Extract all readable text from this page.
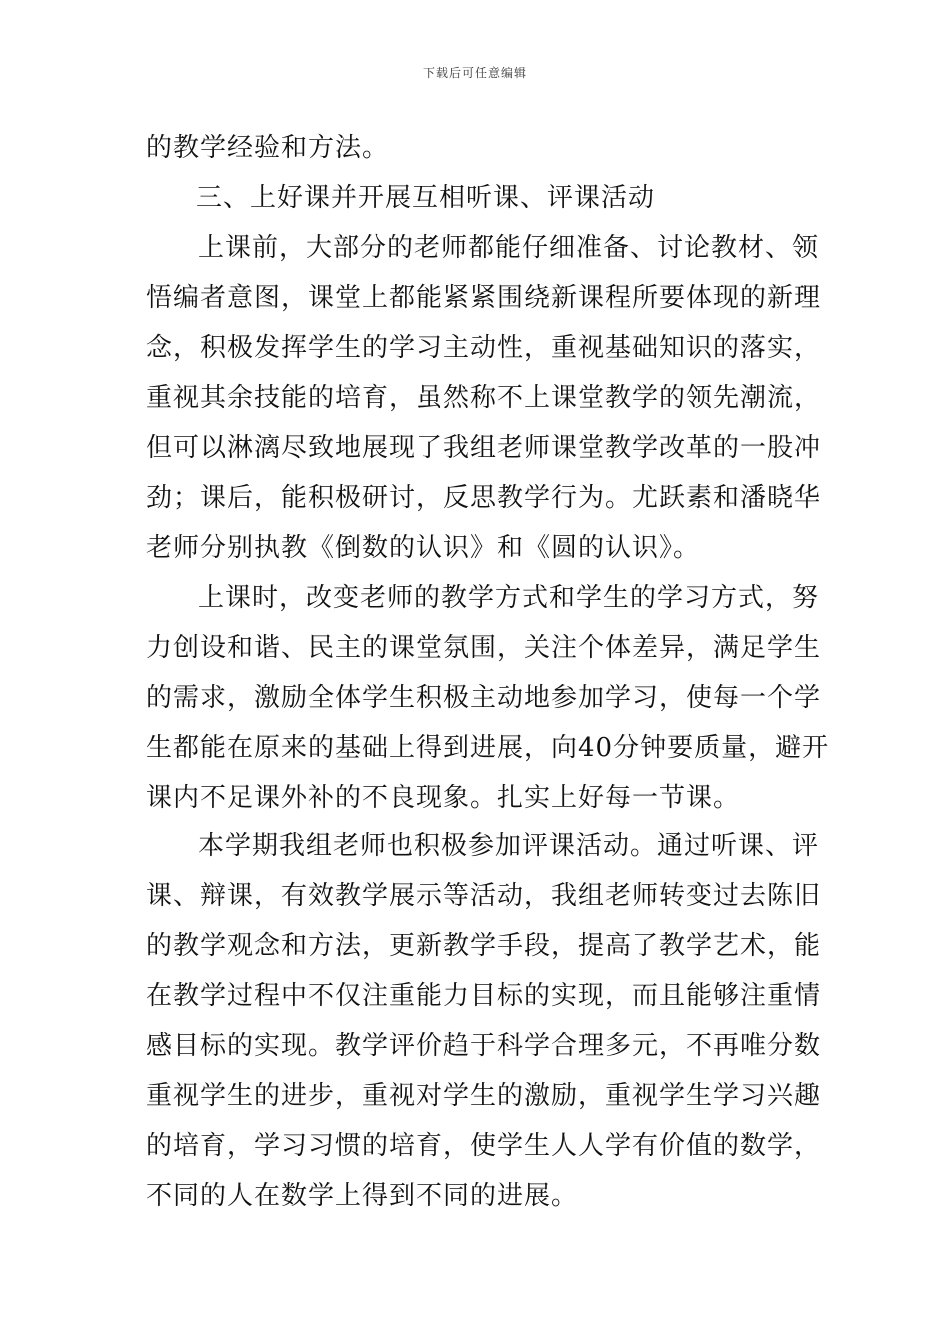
下载后可任意编辑
的教学经验和方法。
三、上好课并开展互相听课、评课活动
上课前，大部分的老师都能仔细准备、讨论教材、领
悟编者意图，课堂上都能紧紧围绕新课程所要体现的新理
念，积极发挥学生的学习主动性，重视基础知识的落实，
重视其余技能的培育，虽然称不上课堂教学的领先潮流，
但可以淋漓尽致地展现了我组老师课堂教学改革的一股冲
劲；课后，能积极研讨，反思教学行为。尤跃素和潘晓华
老师分别执教《倒数的认识》和《圆的认识》。
上课时，改变老师的教学方式和学生的学习方式，努
力创设和谐、民主的课堂氛围，关注个体差异，满足学生
的需求，激励全体学生积极主动地参加学习，使每一个学
生都能在原来的基础上得到进展，向40分钟要质量，避开
课内不足课外补的不良现象。扎实上好每一节课。
本学期我组老师也积极参加评课活动。通过听课、评
课、辩课，有效教学展示等活动，我组老师转变过去陈旧
的教学观念和方法，更新教学手段，提高了教学艺术，能
在教学过程中不仅注重能力目标的实现，而且能够注重情
感目标的实现。教学评价趋于科学合理多元，不再唯分数
重视学生的进步，重视对学生的激励，重视学生学习兴趣
的培育，学习习惯的培育，使学生人人学有价值的数学，
不同的人在数学上得到不同的进展。
